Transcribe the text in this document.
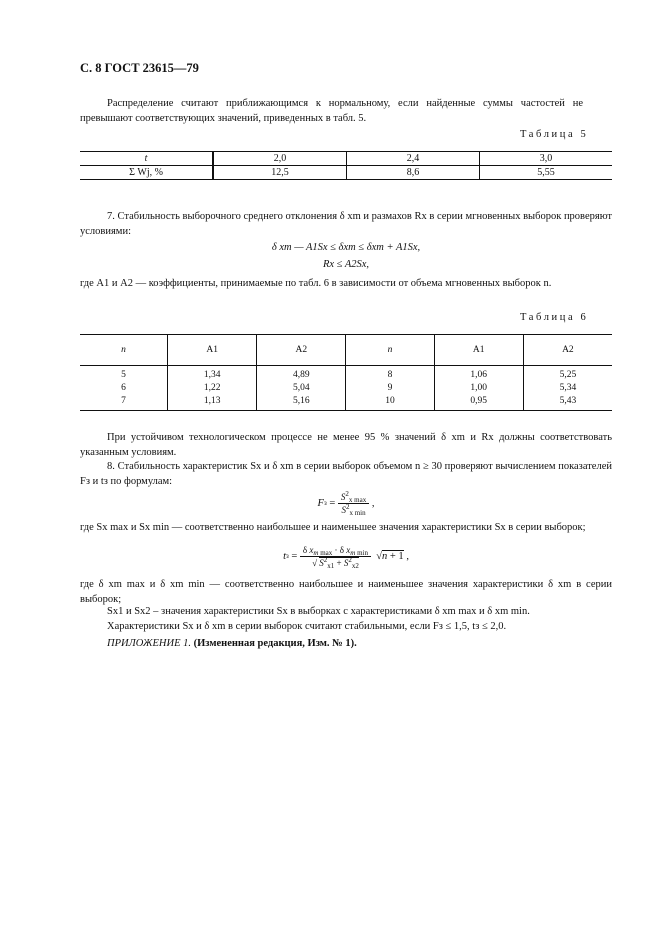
С. 8 ГОСТ 23615—79
Распределение считают приближающимся к нормальному, если найденные суммы частостей не превышают соответствующих значений, приведенных в табл. 5.
Таблица 5
t	2,0	2,4	3,0
Σ Wj, %	12,5	8,6	5,55
7. Стабильность выборочного среднего отклонения δ xm и размахов Rx в серии мгновенных выборок проверяют условиями:
δ xm — A1Sx ≤ δxm ≤ δxm + A1Sx,
Rx ≤ A2Sx,
где A1 и A2 — коэффициенты, принимаемые по табл. 6 в зависимости от объема мгновенных выборок n.
Таблица 6
n	A1	A2	n	A1	A2
5	1,34	4,89	8	1,06	5,25
6	1,22	5,04	9	1,00	5,34
7	1,13	5,16	10	0,95	5,43
При устойчивом технологическом процессе не менее 95 % значений δ xm и Rx должны соответствовать указанным условиям.
8. Стабильность характеристик Sx и δ xm в серии выборок объемом n ≥ 30 проверяют вычислением показателей Fз и tз по формулам:
F $з = \frac{S^2_{x max}}{S^2_{x min}}$ ,
где Sx max и Sx min — соответственно наибольшее и наименьшее значения характеристики Sx в серии выборок;
t $з = \frac{\delta x_m _{max} \cdot \delta x_m _{min}}{√ S^2_{x1} + S^2_{x2}}$ √ n + 1 ,
где δ xm max и δ xm min — соответственно наибольшее и наименьшее значения характеристики δ xm в серии выборок;
Sx1 и Sx2 – значения характеристики Sx в выборках с характеристиками δ xm max и δ xm min.
Характеристики Sx и δ xm в серии выборок считают стабильными, если Fз ≤ 1,5, tз ≤ 2,0.
ПРИЛОЖЕНИЕ 1. (Измененная редакция, Изм. № 1).
